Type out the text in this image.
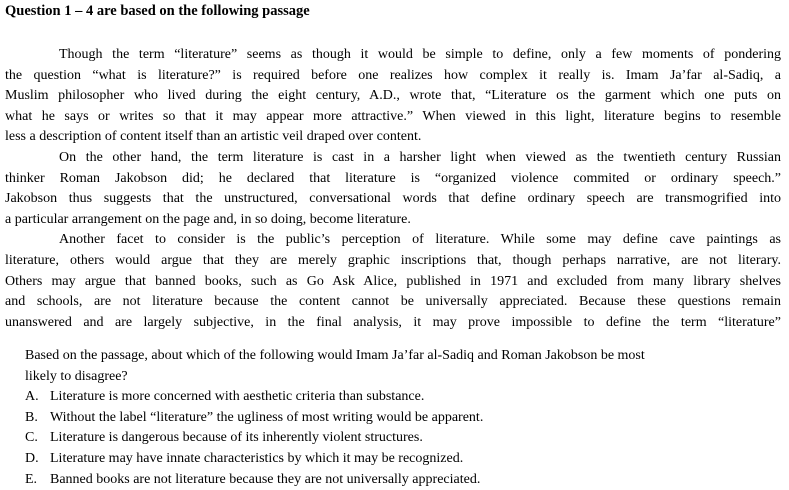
Question 1 – 4 are based on the following passage
Though the term “literature” seems as though it would be simple to define, only a few moments of pondering
the question “what is literature?” is required before one realizes how complex it really is. Imam Ja’far al-Sadiq, a
Muslim philosopher who lived during the eight century, A.D., wrote that, “Literature os the garment which one puts on
what he says or writes so that it may appear more attractive.” When viewed in this light, literature begins to resemble
less a description of content itself than an artistic veil draped over content.
On the other hand, the term literature is cast in a harsher light when viewed as the twentieth century Russian
thinker Roman Jakobson did; he declared that literature is “organized violence commited or ordinary speech.”
Jakobson thus suggests that the unstructured, conversational words that define ordinary speech are transmogrified into
a particular arrangement on the page and, in so doing, become literature.
Another facet to consider is the public’s perception of literature. While some may define cave paintings as
literature, others would argue that they are merely graphic inscriptions that, though perhaps narrative, are not literary.
Others may argue that banned books, such as Go Ask Alice, published in 1971 and excluded from many library shelves
and schools, are not literature because the content cannot be universally appreciated. Because these questions remain
unanswered and are largely subjective, in the final analysis, it may prove impossible to define the term “literature”
Based on the passage, about which of the following would Imam Ja’far al-Sadiq and Roman Jakobson be most
likely to disagree?
A. Literature is more concerned with aesthetic criteria than substance.
B. Without the label “literature” the ugliness of most writing would be apparent.
C. Literature is dangerous because of its inherently violent structures.
D. Literature may have innate characteristics by which it may be recognized.
E. Banned books are not literature because they are not universally appreciated.
